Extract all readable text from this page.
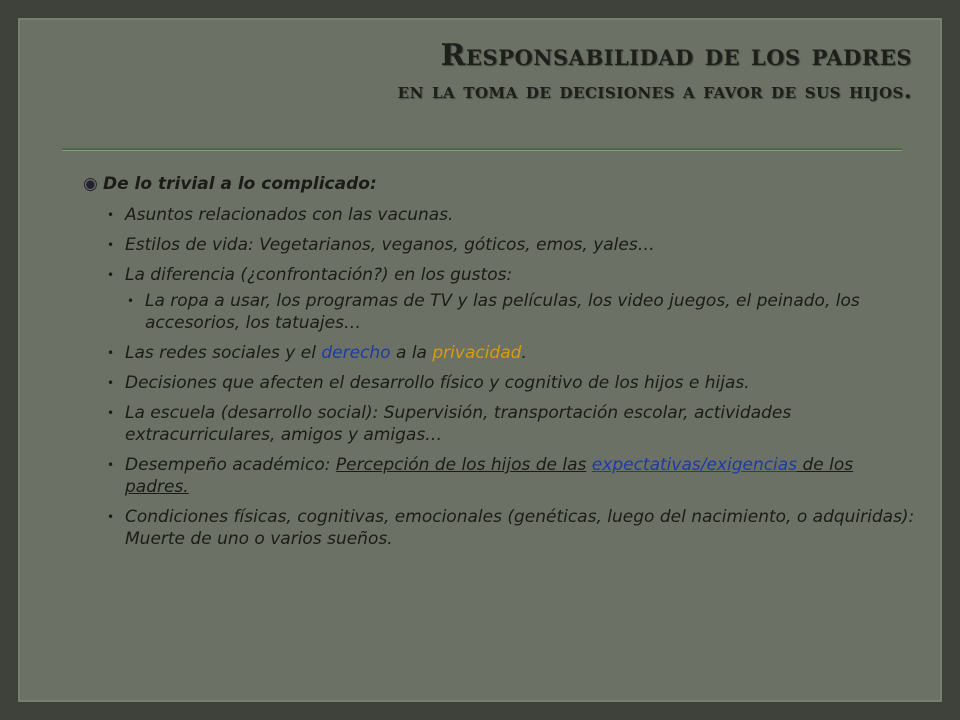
Responsabilidad de los padres
en la toma de decisiones a favor de sus hijos.
◉ De lo trivial a lo complicado:
• Asuntos relacionados con las vacunas.
• Estilos de vida: Vegetarianos, veganos, góticos, emos, yales…
• La diferencia (¿confrontación?) en los gustos:
• La ropa a usar, los programas de TV y las películas, los video juegos, el peinado, los accesorios, los tatuajes…
• Las redes sociales y el derecho a la privacidad.
• Decisiones que afecten el desarrollo físico y cognitivo de los hijos e hijas.
• La escuela (desarrollo social): Supervisión, transportación escolar, actividades extracurriculares, amigos y amigas…
• Desempeño académico: Percepción de los hijos de las expectativas/exigencias de los padres.
• Condiciones físicas, cognitivas, emocionales (genéticas, luego del nacimiento, o adquiridas): Muerte de uno o varios sueños.
